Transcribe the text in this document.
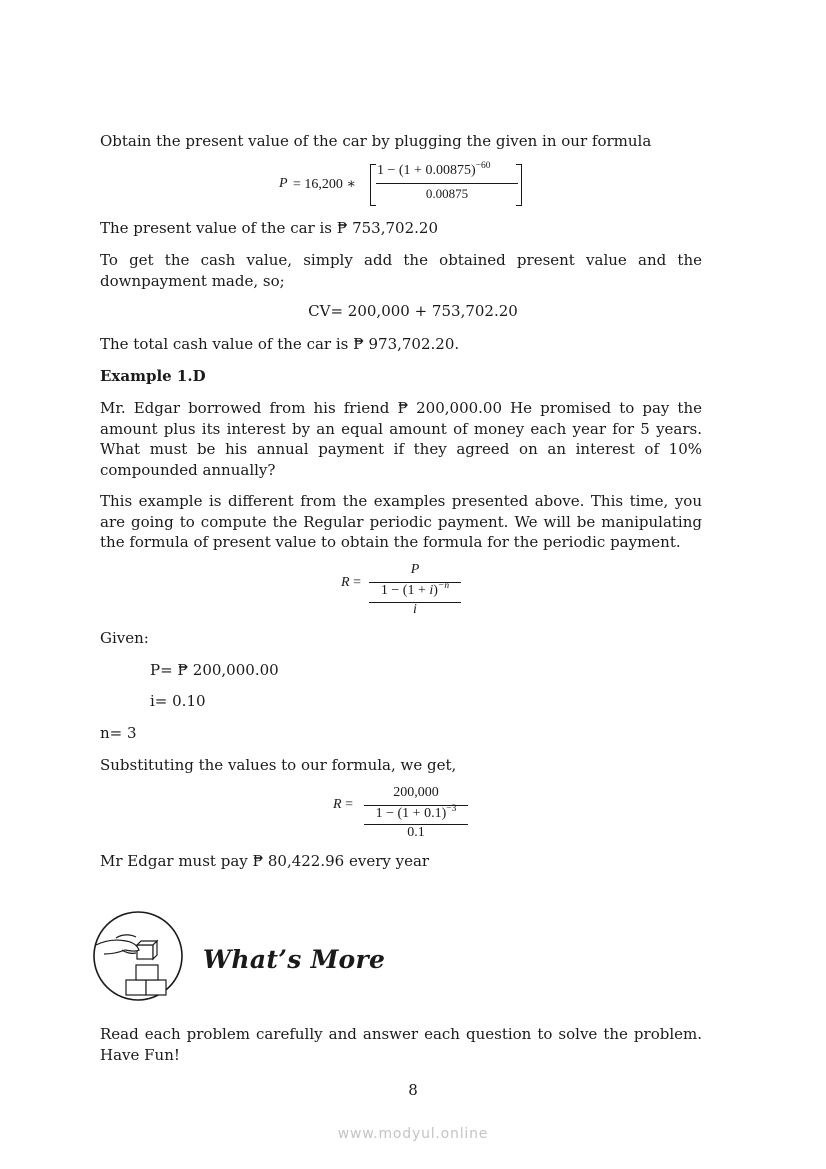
Obtain the present value of the car by plugging the given in our formula

P = 16,200 ∗
$1 - (1 + 0.00875)^{-60}$
0.00875

The present value of the car is ₱ 753,702.20

To get the cash value, simply add the obtained present value and the downpayment made, so;

CV= 200,000 + 753,702.20

The total cash value of the car is ₱ 973,702.20.

Example 1.D

Mr. Edgar borrowed from his friend ₱ 200,000.00 He promised to pay the amount plus its interest by an equal amount of money each year for 5 years. What must be his annual payment if they agreed on an interest of 10% compounded annually?

This example is different from the examples presented above. This time, you are going to compute the Regular periodic payment. We will be manipulating the formula of present value to obtain the formula for the periodic payment.

R =
P
$1 - (1 + i)^{-n}$
i

Given:

P= ₱ 200,000.00

i= 0.10

n= 3

Substituting the values to our formula, we get,

R =
200,000
$1 - (1 + 0.1)^{-3}$
0.1

Mr Edgar must pay ₱ 80,422.96 every year

What’s More

Read each problem carefully and answer each question to solve the problem. Have Fun!

8
www.modyul.online
